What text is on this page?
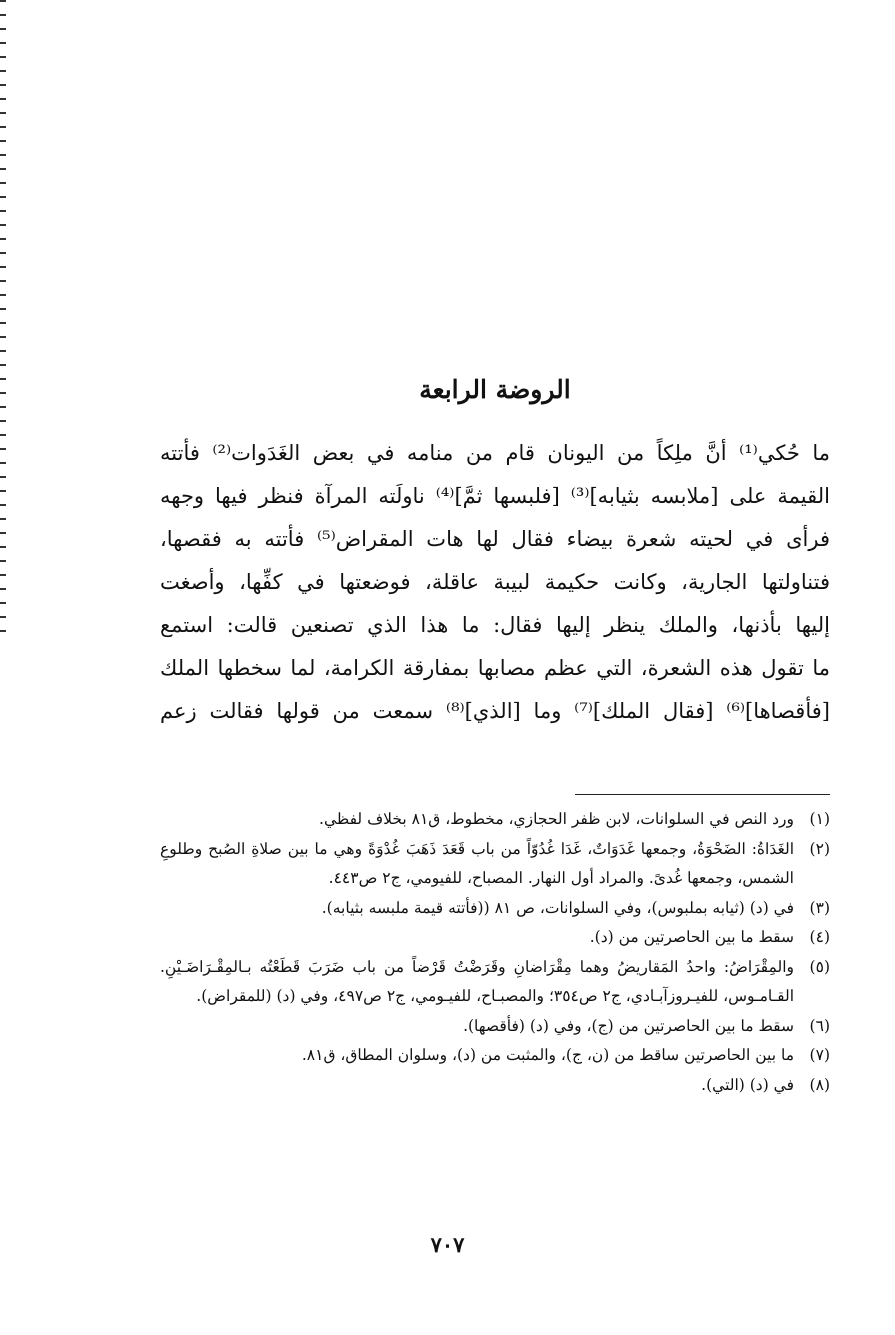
الروضة الرابعة
ما حُكي⁽¹⁾ أنَّ ملِكاً من اليونان قام من منامه في بعض الغَدَوات⁽²⁾ فأتته
القيمة على [ملابسه بثيابه]⁽³⁾ [فلبسها ثمَّ]⁽⁴⁾ ناولَته المرآة فنظر فيها وجهه
فرأى في لحيته شعرة بيضاء فقال لها هات المقراض⁽⁵⁾ فأتته به فقصها،
فتناولتها الجارية، وكانت حكيمة لبيبة عاقلة، فوضعتها في كفِّها، وأصغت
إليها بأذنها، والملك ينظر إليها فقال: ما هذا الذي تصنعين قالت: استمع
ما تقول هذه الشعرة، التي عظم مصابها بمفارقة الكرامة، لما سخطها الملك
[فأقصاها]⁽⁶⁾ [فقال الملك]⁽⁷⁾ وما [الذي]⁽⁸⁾ سمعت من قولها فقالت زعم
(١)
ورد النص في السلوانات، لابن ظفر الحجازي، مخطوط، ق٨١ بخلاف لفظي.
(٢)
الغَدَاةُ: الضَحْوَةُ، وجمعها غَدَوَاتٌ، غَدَا غُدُوّاً من باب قَعَدَ ذَهَبَ غُدْوَةً وهي ما بين صلاةِ الصُبح وطلوعِ الشمس، وجمعها غُدىً. والمراد أول النهار. المصباح، للفيومي، ج٢ ص٤٤٣.
(٣)
في (د) (ثيابه بملبوس)، وفي السلوانات، ص ٨١ ((فأتته قيمة ملبسه بثيابه).
(٤)
سقط ما بين الحاصرتين من (د).
(٥)
والمِقْرَاضُ: واحدُ المَقاريضُ وهما مِقْرَاضانِ وقَرَضْتُ قَرْضاً من باب ضَرَبَ قَطَعْتُه بـالمِقْـرَاضَـيْنِ. القـامـوس، للفيـروزآبـادي، ج٢ ص٣٥٤؛ والمصبـاح، للفيـومي، ج٢ ص٤٩٧، وفي (د) (للمقراض).
(٦)
سقط ما بين الحاصرتين من (ج)، وفي (د) (فأقصها).
(٧)
ما بين الحاصرتين ساقط من (ن، ج)، والمثبت من (د)، وسلوان المطاق، ق٨١.
(٨)
في (د) (التي).
٧٠٧
